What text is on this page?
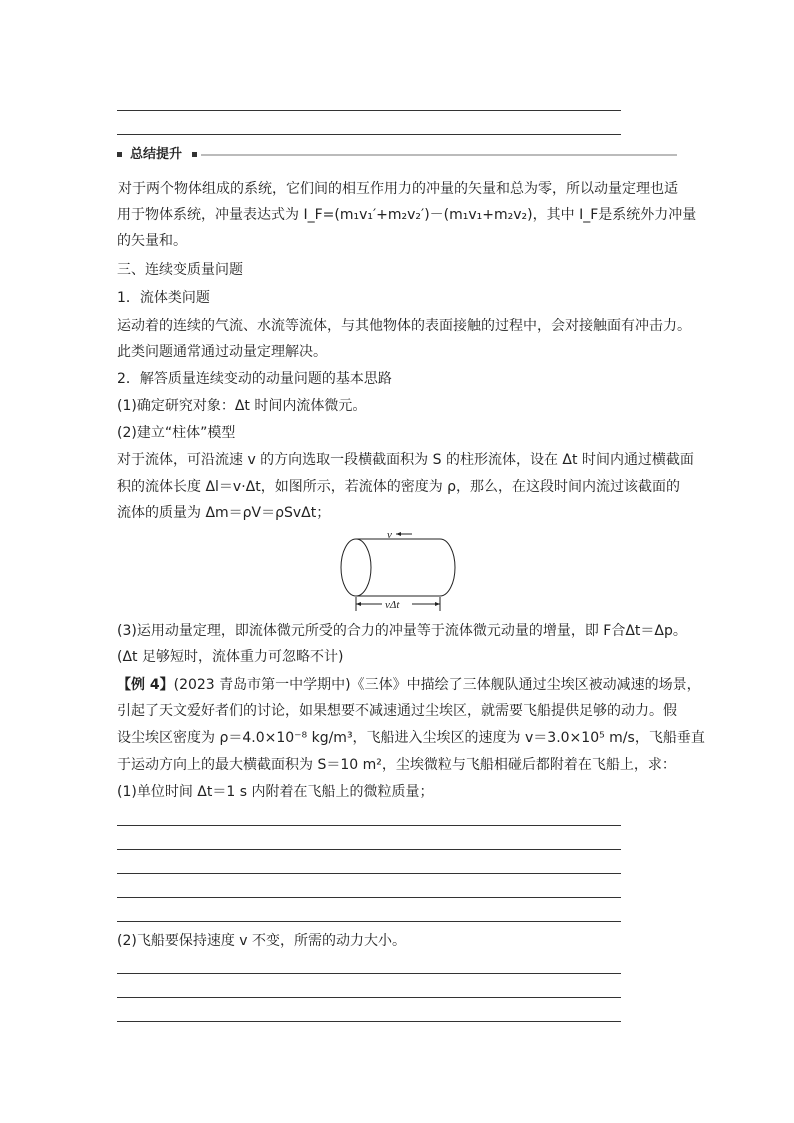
总结提升
对于两个物体组成的系统，它们间的相互作用力的冲量的矢量和总为零，所以动量定理也适
用于物体系统，冲量表达式为 I_F=(m₁v₁′+m₂v₂′)－(m₁v₁+m₂v₂)，其中 I_F是系统外力冲量
的矢量和。
三、连续变质量问题
1．流体类问题
运动着的连续的气流、水流等流体，与其他物体的表面接触的过程中，会对接触面有冲击力。
此类问题通常通过动量定理解决。
2．解答质量连续变动的动量问题的基本思路
(1)确定研究对象：Δt 时间内流体微元。
(2)建立“柱体”模型
对于流体，可沿流速 v 的方向选取一段横截面积为 S 的柱形流体，设在 Δt 时间内通过横截面
积的流体长度 Δl＝v·Δt，如图所示，若流体的密度为 ρ，那么，在这段时间内流过该截面的
流体的质量为 Δm＝ρV＝ρSvΔt；
v
vΔt
(3)运用动量定理，即流体微元所受的合力的冲量等于流体微元动量的增量，即 F合Δt＝Δp。
(Δt 足够短时，流体重力可忽略不计)
【例 4】(2023 青岛市第一中学期中)《三体》中描绘了三体舰队通过尘埃区被动减速的场景，
引起了天文爱好者们的讨论，如果想要不减速通过尘埃区，就需要飞船提供足够的动力。假
设尘埃区密度为 ρ＝4.0×10⁻⁸ kg/m³，飞船进入尘埃区的速度为 v＝3.0×10⁵ m/s，飞船垂直
于运动方向上的最大横截面积为 S＝10 m²，尘埃微粒与飞船相碰后都附着在飞船上，求：
(1)单位时间 Δt＝1 s 内附着在飞船上的微粒质量；
(2)飞船要保持速度 v 不变，所需的动力大小。
